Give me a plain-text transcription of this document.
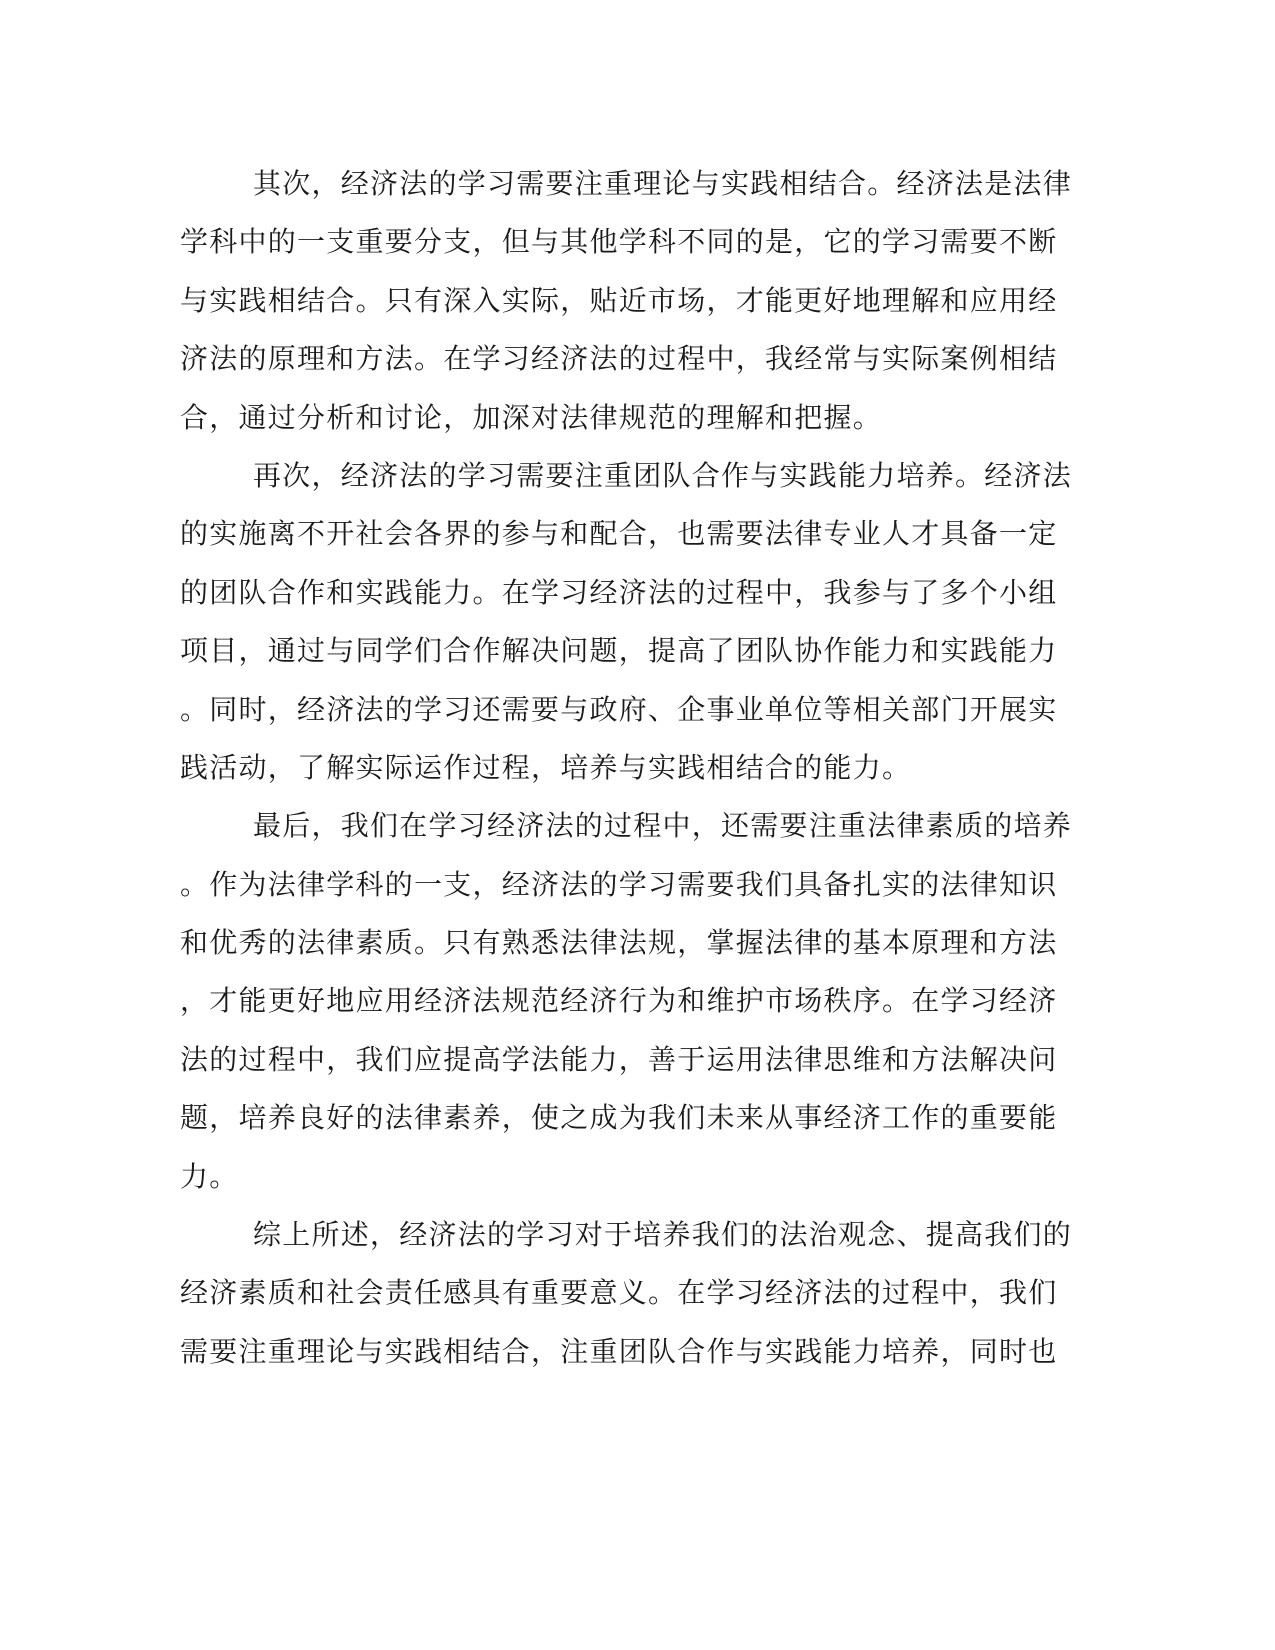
其次，经济法的学习需要注重理论与实践相结合。经济法是法律
学科中的一支重要分支，但与其他学科不同的是，它的学习需要不断
与实践相结合。只有深入实际，贴近市场，才能更好地理解和应用经
济法的原理和方法。在学习经济法的过程中，我经常与实际案例相结
合，通过分析和讨论，加深对法律规范的理解和把握。
再次，经济法的学习需要注重团队合作与实践能力培养。经济法
的实施离不开社会各界的参与和配合，也需要法律专业人才具备一定
的团队合作和实践能力。在学习经济法的过程中，我参与了多个小组
项目，通过与同学们合作解决问题，提高了团队协作能力和实践能力
。同时，经济法的学习还需要与政府、企事业单位等相关部门开展实
践活动，了解实际运作过程，培养与实践相结合的能力。
最后，我们在学习经济法的过程中，还需要注重法律素质的培养
。作为法律学科的一支，经济法的学习需要我们具备扎实的法律知识
和优秀的法律素质。只有熟悉法律法规，掌握法律的基本原理和方法
，才能更好地应用经济法规范经济行为和维护市场秩序。在学习经济
法的过程中，我们应提高学法能力，善于运用法律思维和方法解决问
题，培养良好的法律素养，使之成为我们未来从事经济工作的重要能
力。
综上所述，经济法的学习对于培养我们的法治观念、提高我们的
经济素质和社会责任感具有重要意义。在学习经济法的过程中，我们
需要注重理论与实践相结合，注重团队合作与实践能力培养，同时也
